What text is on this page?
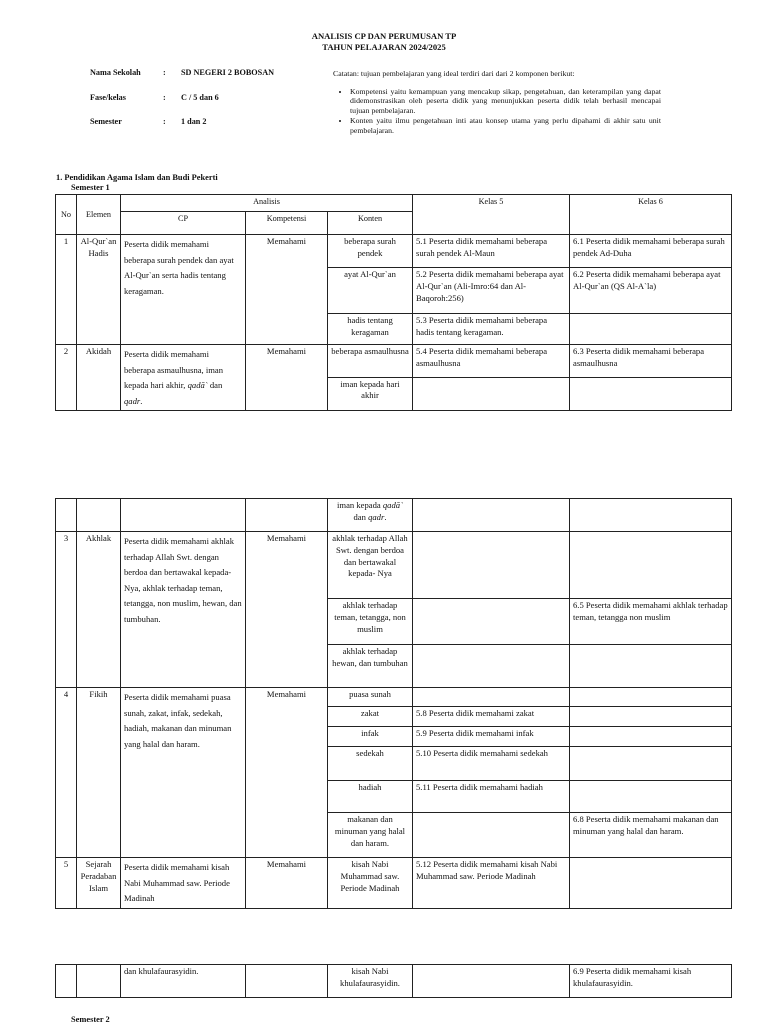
ANALISIS CP DAN PERUMUSAN TP
TAHUN PELAJARAN 2024/2025
Nama Sekolah	: SD NEGERI 2 BOBOSAN
Fase/kelas	: C / 5 dan 6
Semester	: 1 dan 2
Catatan: tujuan pembelajaran yang ideal terdiri dari dari 2 komponen berikut:
• Kompetensi yaitu kemampuan yang mencakup sikap, pengetahuan, dan keterampilan yang dapat didemonstrasikan oleh peserta didik yang menunjukkan peserta didik telah berhasil mencapai tujuan pembelajaran.
• Konten yaitu ilmu pengetahuan inti atau konsep utama yang perlu dipahami di akhir satu unit pembelajaran.
1. Pendidikan Agama Islam dan Budi Pekerti
Semester 1
No	Elemen	Analisis			Kelas 5	Kelas 6
		CP	Kompetensi	Konten		
1	Al-Qur`an Hadis	Peserta didik memahami beberapa surah pendek dan ayat Al-Qur`an serta hadis tentang keragaman.	Memahami	beberapa surah pendek	5.1 Peserta didik memahami beberapa surah pendek Al-Maun	6.1 Peserta didik memahami beberapa surah pendek Ad-Duha
				ayat Al-Qur`an	5.2 Peserta didik memahami beberapa ayat Al-Qur`an (Ali-Imro:64 dan Al-Baqoroh:256)	6.2 Peserta didik memahami beberapa ayat Al-Qur`an (QS Al-A`la)
				hadis tentang keragaman	5.3 Peserta didik memahami beberapa hadis tentang keragaman.	
2	Akidah	Peserta didik memahami beberapa asmaulhusna, iman kepada hari akhir, qadā` dan qadr.	Memahami	beberapa asmaulhusna	5.4 Peserta didik memahami beberapa asmaulhusna	6.3 Peserta didik memahami beberapa asmaulhusna
				iman kepada hari akhir		
				iman kepada qadā` dan qadr.		
3	Akhlak	Peserta didik memahami akhlak terhadap Allah Swt. dengan berdoa dan bertawakal kepada- Nya, akhlak terhadap teman, tetangga, non muslim, hewan, dan tumbuhan.	Memahami	akhlak terhadap Allah Swt. dengan berdoa dan bertawakal kepada- Nya		
				akhlak terhadap teman, tetangga, non muslim		6.5 Peserta didik memahami akhlak terhadap teman, tetangga non muslim
				akhlak terhadap hewan, dan tumbuhan		
4	Fikih	Peserta didik memahami puasa sunah, zakat, infak, sedekah, hadiah, makanan dan minuman yang halal dan haram.	Memahami	puasa sunah		
				zakat	5.8 Peserta didik memahami zakat	
				infak	5.9 Peserta didik memahami infak	
				sedekah	5.10 Peserta didik memahami sedekah	
				hadiah	5.11 Peserta didik memahami hadiah	
				makanan dan minuman yang halal dan haram.		6.8 Peserta didik memahami makanan dan minuman yang halal dan haram.
5	Sejarah Peradaban Islam	Peserta didik memahami kisah Nabi Muhammad saw. Periode Madinah	Memahami	kisah Nabi Muhammad saw. Periode Madinah	5.12 Peserta didik memahami kisah Nabi Muhammad saw. Periode Madinah	
		dan khulafaurasyidin.		kisah Nabi khulafaurasyidin.		6.9 Peserta didik memahami kisah khulafaurasyidin.
Semester 2
